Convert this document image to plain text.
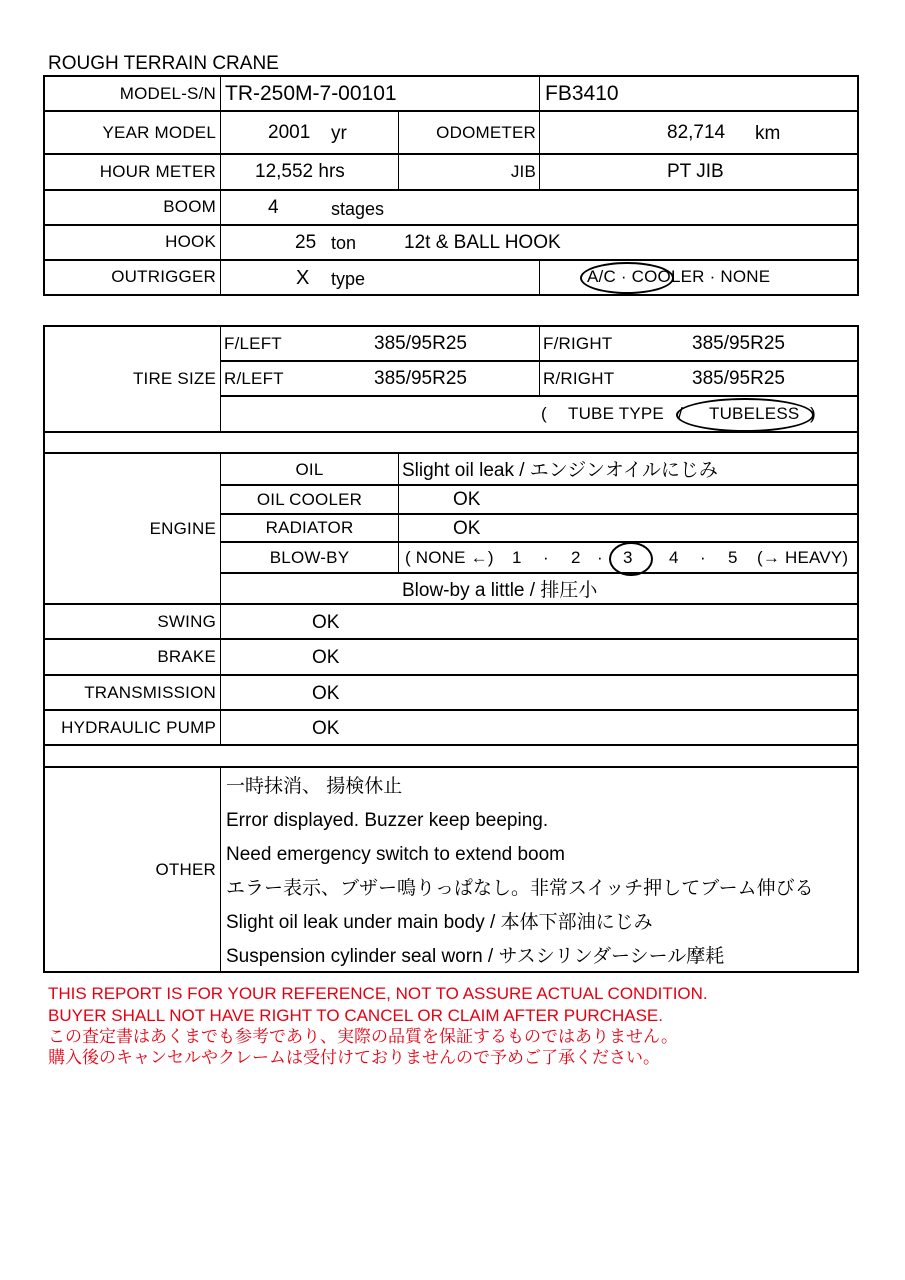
ROUGH TERRAIN CRANE
MODEL-S/N TR-250M-7-00101	FB3410
YEAR MODEL	2001 yr	ODOMETER	82,714 km
HOUR METER 12,552 hrs	JIB	PT JIB
BOOM	4	stages
HOOK	25 ton	12t & BALL HOOK
OUTRIGGER	X type	A/C · COOLER · NONE
TIRE SIZE
F/LEFT	385/95R25	F/RIGHT	385/95R25
R/LEFT	385/95R25	R/RIGHT	385/95R25
( TUBE TYPE / TUBELESS )
ENGINE
OIL	Slight oil leak / エンジンオイルにじみ
OIL COOLER	OK
RADIATOR	OK
BLOW-BY	( NONE ←) 1 · 2 · 3 4 · 5 (→ HEAVY)
Blow-by a little / 排圧小
SWING	OK
BRAKE	OK
TRANSMISSION	OK
HYDRAULIC PUMP	OK
OTHER
一時抹消、 揚検休止
Error displayed. Buzzer keep beeping.
Need emergency switch to extend boom
エラー表示、ブザー鳴りっぱなし。非常スイッチ押してブーム伸びる
Slight oil leak under main body / 本体下部油にじみ
Suspension cylinder seal worn / サスシリンダーシール摩耗
THIS REPORT IS FOR YOUR REFERENCE, NOT TO ASSURE ACTUAL CONDITION.
BUYER SHALL NOT HAVE RIGHT TO CANCEL OR CLAIM AFTER PURCHASE.
この査定書はあくまでも参考であり、実際の品質を保証するものではありません。
購入後のキャンセルやクレームは受付けておりませんので予めご了承ください。
